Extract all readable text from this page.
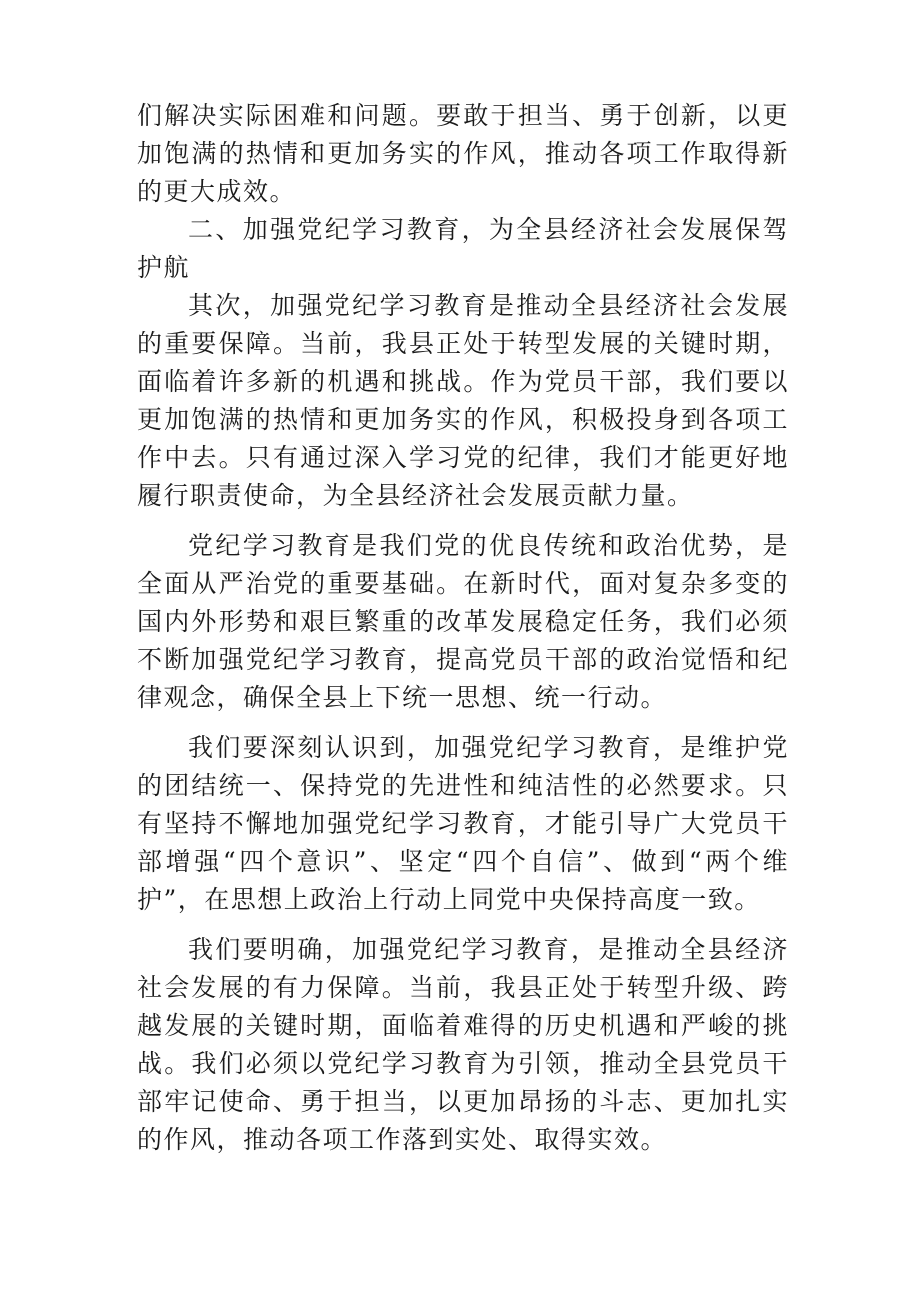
们解决实际困难和问题。要敢于担当、勇于创新，以更加饱满的热情和更加务实的作风，推动各项工作取得新的更大成效。

二、加强党纪学习教育，为全县经济社会发展保驾护航

其次，加强党纪学习教育是推动全县经济社会发展的重要保障。当前，我县正处于转型发展的关键时期，面临着许多新的机遇和挑战。作为党员干部，我们要以更加饱满的热情和更加务实的作风，积极投身到各项工作中去。只有通过深入学习党的纪律，我们才能更好地履行职责使命，为全县经济社会发展贡献力量。

党纪学习教育是我们党的优良传统和政治优势，是全面从严治党的重要基础。在新时代，面对复杂多变的国内外形势和艰巨繁重的改革发展稳定任务，我们必须不断加强党纪学习教育，提高党员干部的政治觉悟和纪律观念，确保全县上下统一思想、统一行动。

我们要深刻认识到，加强党纪学习教育，是维护党的团结统一、保持党的先进性和纯洁性的必然要求。只有坚持不懈地加强党纪学习教育，才能引导广大党员干部增强“四个意识”、坚定“四个自信”、做到“两个维护”，在思想上政治上行动上同党中央保持高度一致。

我们要明确，加强党纪学习教育，是推动全县经济社会发展的有力保障。当前，我县正处于转型升级、跨越发展的关键时期，面临着难得的历史机遇和严峻的挑战。我们必须以党纪学习教育为引领，推动全县党员干部牢记使命、勇于担当，以更加昂扬的斗志、更加扎实的作风，推动各项工作落到实处、取得实效。
